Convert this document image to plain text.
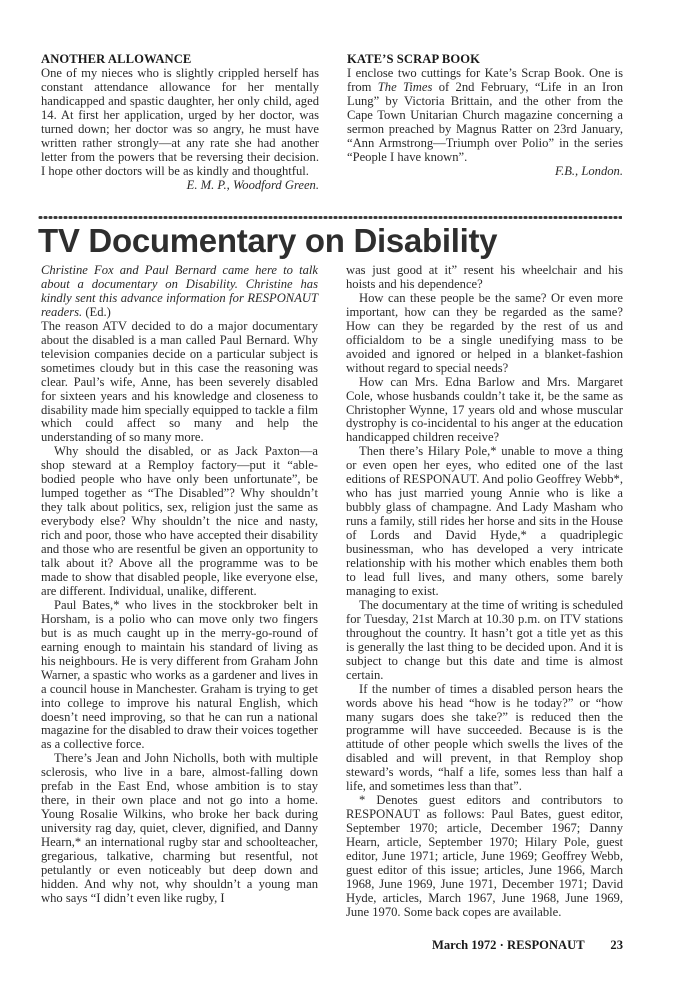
ANOTHER ALLOWANCE

One of my nieces who is slightly crippled herself has constant attendance allowance for her mentally handicapped and spastic daughter, her only child, aged 14. At first her application, urged by her doctor, was turned down; her doctor was so angry, he must have written rather strongly—at any rate she had another letter from the powers that be reversing their decision. I hope other doctors will be as kindly and thoughtful.

E. M. P., Woodford Green.

KATE’S SCRAP BOOK

I enclose two cuttings for Kate’s Scrap Book. One is from The Times of 2nd February, “Life in an Iron Lung” by Victoria Brittain, and the other from the Cape Town Unitarian Church magazine concerning a sermon preached by Magnus Ratter on 23rd January, “Ann Armstrong—Triumph over Polio” in the series “People I have known”.

F.B., London.

TV Documentary on Disability

Christine Fox and Paul Bernard came here to talk about a documentary on Disability. Christine has kindly sent this advance information for RESPONAUT readers. (Ed.)

The reason ATV decided to do a major documentary about the disabled is a man called Paul Bernard. Why television companies decide on a particular subject is sometimes cloudy but in this case the reasoning was clear. Paul’s wife, Anne, has been severely disabled for sixteen years and his knowledge and closeness to disability made him specially equipped to tackle a film which could affect so many and help the understanding of so many more.

Why should the disabled, or as Jack Paxton—a shop steward at a Remploy factory—put it “able-bodied people who have only been unfortunate”, be lumped together as “The Disabled”? Why shouldn’t they talk about politics, sex, religion just the same as everybody else? Why shouldn’t the nice and nasty, rich and poor, those who have accepted their disability and those who are resentful be given an opportunity to talk about it? Above all the programme was to be made to show that disabled people, like everyone else, are different. Individual, unalike, different.

Paul Bates,* who lives in the stockbroker belt in Horsham, is a polio who can move only two fingers but is as much caught up in the merry-go-round of earning enough to maintain his standard of living as his neighbours. He is very different from Graham John Warner, a spastic who works as a gardener and lives in a council house in Manchester. Graham is trying to get into college to improve his natural English, which doesn’t need improving, so that he can run a national magazine for the disabled to draw their voices together as a collective force.

There’s Jean and John Nicholls, both with multiple sclerosis, who live in a bare, almost-falling down prefab in the East End, whose ambition is to stay there, in their own place and not go into a home. Young Rosalie Wilkins, who broke her back during university rag day, quiet, clever, dignified, and Danny Hearn,* an international rugby star and schoolteacher, gregarious, talkative, charming but resentful, not petulantly or even noticeably but deep down and hidden. And why not, why shouldn’t a young man who says “I didn’t even like rugby, I

was just good at it” resent his wheelchair and his hoists and his dependence?

How can these people be the same? Or even more important, how can they be regarded as the same? How can they be regarded by the rest of us and officialdom to be a single unedifying mass to be avoided and ignored or helped in a blanket-fashion without regard to special needs?

How can Mrs. Edna Barlow and Mrs. Margaret Cole, whose husbands couldn’t take it, be the same as Christopher Wynne, 17 years old and whose muscular dystrophy is co-incidental to his anger at the education handicapped children receive?

Then there’s Hilary Pole,* unable to move a thing or even open her eyes, who edited one of the last editions of RESPONAUT. And polio Geoffrey Webb*, who has just married young Annie who is like a bubbly glass of champagne. And Lady Masham who runs a family, still rides her horse and sits in the House of Lords and David Hyde,* a quadriplegic businessman, who has developed a very intricate relationship with his mother which enables them both to lead full lives, and many others, some barely managing to exist.

The documentary at the time of writing is scheduled for Tuesday, 21st March at 10.30 p.m. on ITV stations throughout the country. It hasn’t got a title yet as this is generally the last thing to be decided upon. And it is subject to change but this date and time is almost certain.

If the number of times a disabled person hears the words above his head “how is he today?” or “how many sugars does she take?” is reduced then the programme will have succeeded. Because is is the attitude of other people which swells the lives of the disabled and will prevent, in that Remploy shop steward’s words, “half a life, somes less than half a life, and sometimes less than that”.

* Denotes guest editors and contributors to RESPONAUT as follows: Paul Bates, guest editor, September 1970; article, December 1967; Danny Hearn, article, September 1970; Hilary Pole, guest editor, June 1971; article, June 1969; Geoffrey Webb, guest editor of this issue; articles, June 1966, March 1968, June 1969, June 1971, December 1971; David Hyde, articles, March 1967, June 1968, June 1969, June 1970. Some back copes are available.

March 1972 · RESPONAUT 23
